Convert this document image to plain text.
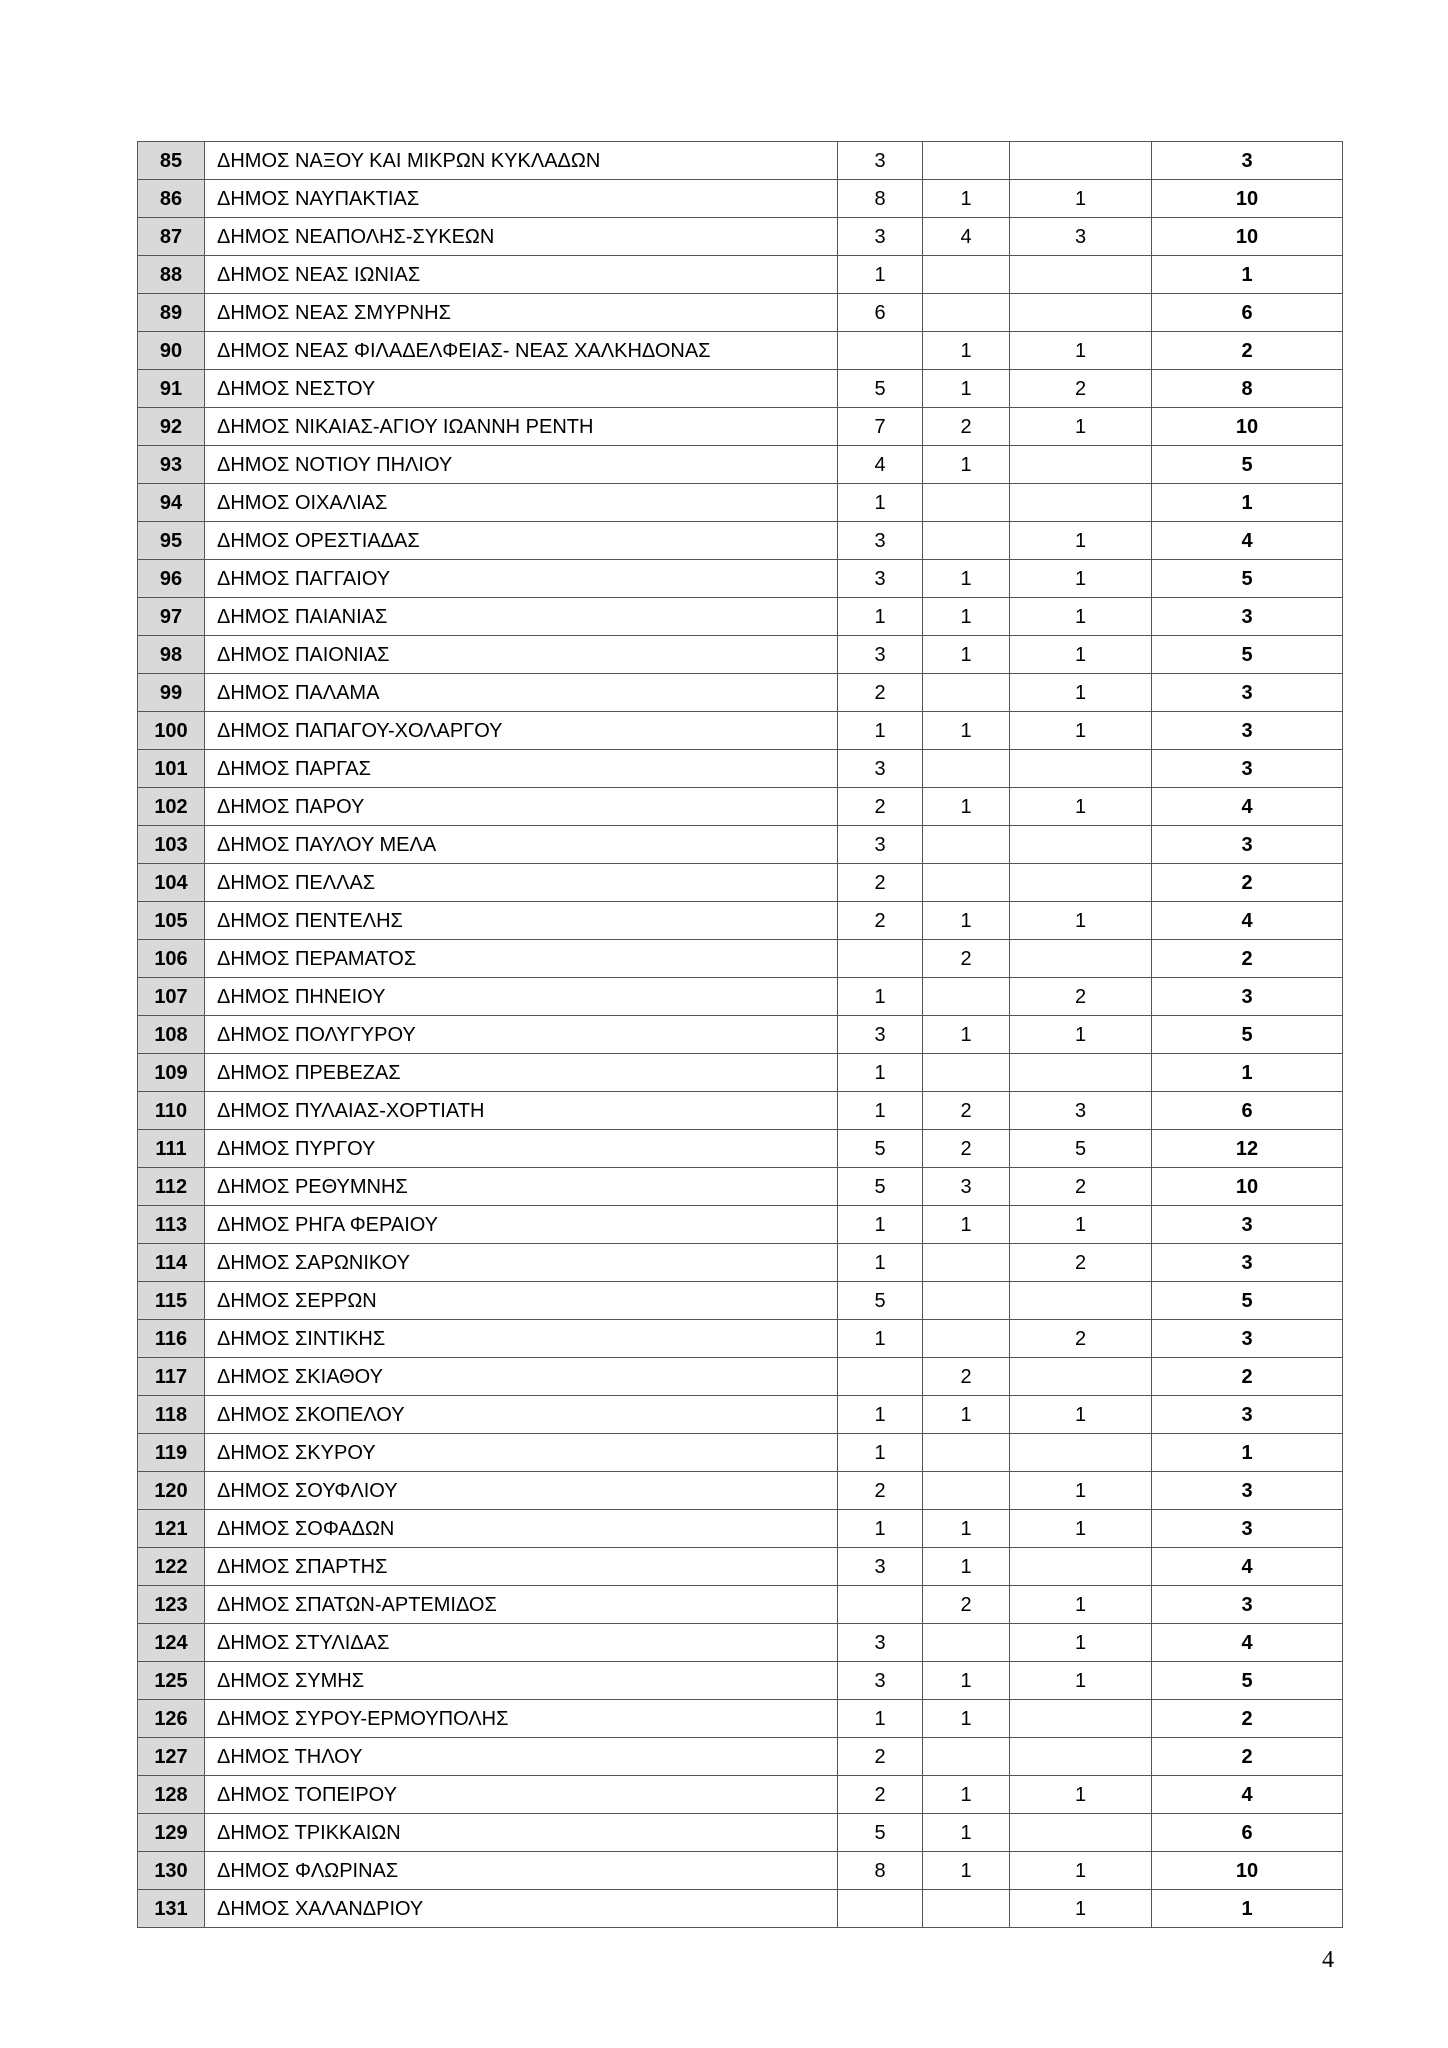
85	ΔΗΜΟΣ ΝΑΞΟΥ ΚΑΙ ΜΙΚΡΩΝ ΚΥΚΛΑΔΩΝ	3			3
86	ΔΗΜΟΣ ΝΑΥΠΑΚΤΙΑΣ	8	1	1	10
87	ΔΗΜΟΣ ΝΕΑΠΟΛΗΣ-ΣΥΚΕΩΝ	3	4	3	10
88	ΔΗΜΟΣ ΝΕΑΣ ΙΩΝΙΑΣ	1			1
89	ΔΗΜΟΣ ΝΕΑΣ ΣΜΥΡΝΗΣ	6			6
90	ΔΗΜΟΣ ΝΕΑΣ ΦΙΛΑΔΕΛΦΕΙΑΣ- ΝΕΑΣ ΧΑΛΚΗΔΟΝΑΣ		1	1	2
91	ΔΗΜΟΣ ΝΕΣΤΟΥ	5	1	2	8
92	ΔΗΜΟΣ ΝΙΚΑΙΑΣ-ΑΓΙΟΥ ΙΩΑΝΝΗ ΡΕΝΤΗ	7	2	1	10
93	ΔΗΜΟΣ ΝΟΤΙΟΥ ΠΗΛΙΟΥ	4	1		5
94	ΔΗΜΟΣ ΟΙΧΑΛΙΑΣ	1			1
95	ΔΗΜΟΣ ΟΡΕΣΤΙΑΔΑΣ	3		1	4
96	ΔΗΜΟΣ ΠΑΓΓΑΙΟΥ	3	1	1	5
97	ΔΗΜΟΣ ΠΑΙΑΝΙΑΣ	1	1	1	3
98	ΔΗΜΟΣ ΠΑΙΟΝΙΑΣ	3	1	1	5
99	ΔΗΜΟΣ ΠΑΛΑΜΑ	2		1	3
100	ΔΗΜΟΣ ΠΑΠΑΓΟΥ-ΧΟΛΑΡΓΟΥ	1	1	1	3
101	ΔΗΜΟΣ ΠΑΡΓΑΣ	3			3
102	ΔΗΜΟΣ ΠΑΡΟΥ	2	1	1	4
103	ΔΗΜΟΣ ΠΑΥΛΟΥ ΜΕΛΑ	3			3
104	ΔΗΜΟΣ ΠΕΛΛΑΣ	2			2
105	ΔΗΜΟΣ ΠΕΝΤΕΛΗΣ	2	1	1	4
106	ΔΗΜΟΣ ΠΕΡΑΜΑΤΟΣ		2		2
107	ΔΗΜΟΣ ΠΗΝΕΙΟΥ	1		2	3
108	ΔΗΜΟΣ ΠΟΛΥΓΥΡΟΥ	3	1	1	5
109	ΔΗΜΟΣ ΠΡΕΒΕΖΑΣ	1			1
110	ΔΗΜΟΣ ΠΥΛΑΙΑΣ-ΧΟΡΤΙΑΤΗ	1	2	3	6
111	ΔΗΜΟΣ ΠΥΡΓΟΥ	5	2	5	12
112	ΔΗΜΟΣ ΡΕΘΥΜΝΗΣ	5	3	2	10
113	ΔΗΜΟΣ ΡΗΓΑ ΦΕΡΑΙΟΥ	1	1	1	3
114	ΔΗΜΟΣ ΣΑΡΩΝΙΚΟΥ	1		2	3
115	ΔΗΜΟΣ ΣΕΡΡΩΝ	5			5
116	ΔΗΜΟΣ ΣΙΝΤΙΚΗΣ	1		2	3
117	ΔΗΜΟΣ ΣΚΙΑΘΟΥ		2		2
118	ΔΗΜΟΣ ΣΚΟΠΕΛΟΥ	1	1	1	3
119	ΔΗΜΟΣ ΣΚΥΡΟΥ	1			1
120	ΔΗΜΟΣ ΣΟΥΦΛΙΟΥ	2		1	3
121	ΔΗΜΟΣ ΣΟΦΑΔΩΝ	1	1	1	3
122	ΔΗΜΟΣ ΣΠΑΡΤΗΣ	3	1		4
123	ΔΗΜΟΣ ΣΠΑΤΩΝ-ΑΡΤΕΜΙΔΟΣ		2	1	3
124	ΔΗΜΟΣ ΣΤΥΛΙΔΑΣ	3		1	4
125	ΔΗΜΟΣ ΣΥΜΗΣ	3	1	1	5
126	ΔΗΜΟΣ ΣΥΡΟΥ-ΕΡΜΟΥΠΟΛΗΣ	1	1		2
127	ΔΗΜΟΣ ΤΗΛΟΥ	2			2
128	ΔΗΜΟΣ ΤΟΠΕΙΡΟΥ	2	1	1	4
129	ΔΗΜΟΣ ΤΡΙΚΚΑΙΩΝ	5	1		6
130	ΔΗΜΟΣ ΦΛΩΡΙΝΑΣ	8	1	1	10
131	ΔΗΜΟΣ ΧΑΛΑΝΔΡΙΟΥ			1	1
4
